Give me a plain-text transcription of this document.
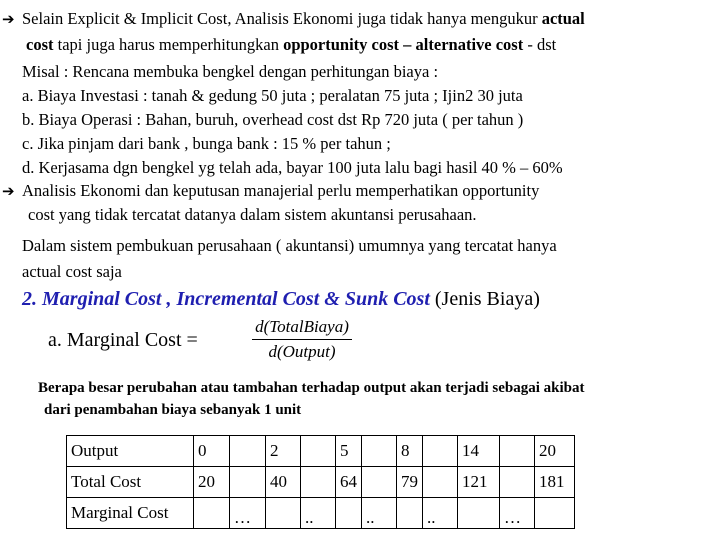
➔ Selain Explicit & Implicit Cost, Analisis Ekonomi juga tidak hanya mengukur actual
cost tapi juga harus memperhitungkan opportunity cost – alternative cost - dst
Misal : Rencana membuka bengkel dengan perhitungan biaya :
a. Biaya Investasi : tanah & gedung 50 juta ; peralatan 75 juta ; Ijin2 30 juta
b. Biaya Operasi : Bahan, buruh, overhead cost dst Rp 720 juta ( per tahun )
c. Jika pinjam dari bank , bunga bank : 15 % per tahun ;
d. Kerjasama dgn bengkel yg telah ada, bayar 100 juta lalu bagi hasil 40 % – 60%
➔ Analisis Ekonomi dan keputusan manajerial perlu memperhatikan opportunity
cost yang tidak tercatat datanya dalam sistem akuntansi perusahaan.
Dalam sistem pembukuan perusahaan ( akuntansi) umumnya yang tercatat hanya
actual cost saja
2. Marginal Cost , Incremental Cost & Sunk Cost (Jenis Biaya)
a. Marginal Cost =
d(TotalBiaya)
d(Output)
Berapa besar perubahan atau tambahan terhadap output akan terjadi sebagai akibat
dari penambahan biaya sebanyak 1 unit
Output	0		2		5		8		14		20
Total Cost	20		40		64		79		121		181
Marginal Cost		…		..		..		..		…	
